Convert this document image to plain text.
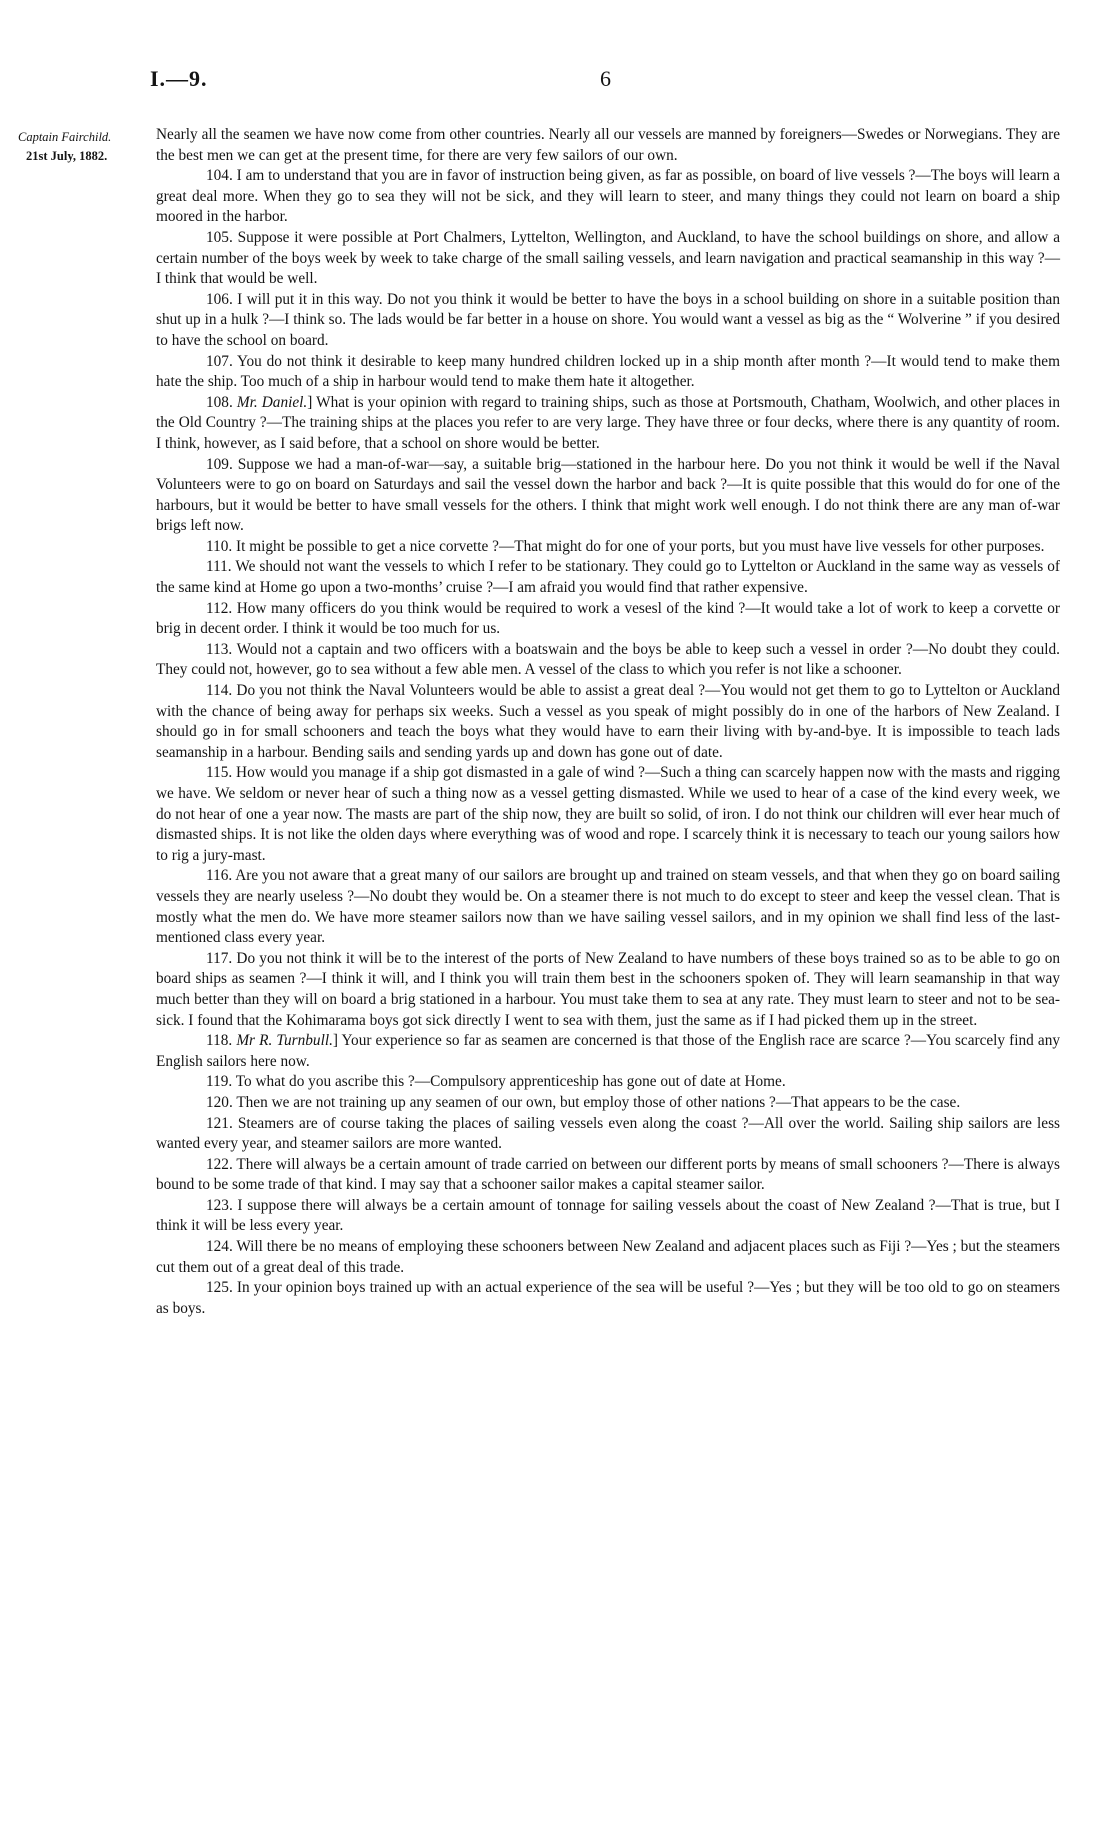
I.—9.	6
Captain Fairchild.
21st July, 1882.

Nearly all the seamen we have now come from other countries. Nearly all our vessels are manned by foreigners—Swedes or Norwegians. They are the best men we can get at the present time, for there are very few sailors of our own.

104. I am to understand that you are in favor of instruction being given, as far as possible, on board of live vessels ?—The boys will learn a great deal more. When they go to sea they will not be sick, and they will learn to steer, and many things they could not learn on board a ship moored in the harbor.

105. Suppose it were possible at Port Chalmers, Lyttelton, Wellington, and Auckland, to have the school buildings on shore, and allow a certain number of the boys week by week to take charge of the small sailing vessels, and learn navigation and practical seamanship in this way ?—I think that would be well.

106. I will put it in this way. Do not you think it would be better to have the boys in a school building on shore in a suitable position than shut up in a hulk ?—I think so. The lads would be far better in a house on shore. You would want a vessel as big as the “ Wolverine ” if you desired to have the school on board.

107. You do not think it desirable to keep many hundred children locked up in a ship month after month ?—It would tend to make them hate the ship. Too much of a ship in harbour would tend to make them hate it altogether.

108. Mr. Daniel.] What is your opinion with regard to training ships, such as those at Portsmouth, Chatham, Woolwich, and other places in the Old Country ?—The training ships at the places you refer to are very large. They have three or four decks, where there is any quantity of room. I think, however, as I said before, that a school on shore would be better.

109. Suppose we had a man-of-war—say, a suitable brig—stationed in the harbour here. Do you not think it would be well if the Naval Volunteers were to go on board on Saturdays and sail the vessel down the harbor and back ?—It is quite possible that this would do for one of the harbours, but it would be better to have small vessels for the others. I think that might work well enough. I do not think there are any man of-war brigs left now.

110. It might be possible to get a nice corvette ?—That might do for one of your ports, but you must have live vessels for other purposes.

111. We should not want the vessels to which I refer to be stationary. They could go to Lyttelton or Auckland in the same way as vessels of the same kind at Home go upon a two-months’ cruise ?—I am afraid you would find that rather expensive.

112. How many officers do you think would be required to work a vesesl of the kind ?—It would take a lot of work to keep a corvette or brig in decent order. I think it would be too much for us.

113. Would not a captain and two officers with a boatswain and the boys be able to keep such a vessel in order ?—No doubt they could. They could not, however, go to sea without a few able men. A vessel of the class to which you refer is not like a schooner.

114. Do you not think the Naval Volunteers would be able to assist a great deal ?—You would not get them to go to Lyttelton or Auckland with the chance of being away for perhaps six weeks. Such a vessel as you speak of might possibly do in one of the harbors of New Zealand. I should go in for small schooners and teach the boys what they would have to earn their living with by-and-bye. It is impossible to teach lads seamanship in a harbour. Bending sails and sending yards up and down has gone out of date.

115. How would you manage if a ship got dismasted in a gale of wind ?—Such a thing can scarcely happen now with the masts and rigging we have. We seldom or never hear of such a thing now as a vessel getting dismasted. While we used to hear of a case of the kind every week, we do not hear of one a year now. The masts are part of the ship now, they are built so solid, of iron. I do not think our children will ever hear much of dismasted ships. It is not like the olden days where everything was of wood and rope. I scarcely think it is necessary to teach our young sailors how to rig a jury-mast.

116. Are you not aware that a great many of our sailors are brought up and trained on steam vessels, and that when they go on board sailing vessels they are nearly useless ?—No doubt they would be. On a steamer there is not much to do except to steer and keep the vessel clean. That is mostly what the men do. We have more steamer sailors now than we have sailing vessel sailors, and in my opinion we shall find less of the last-mentioned class every year.

117. Do you not think it will be to the interest of the ports of New Zealand to have numbers of these boys trained so as to be able to go on board ships as seamen ?—I think it will, and I think you will train them best in the schooners spoken of. They will learn seamanship in that way much better than they will on board a brig stationed in a harbour. You must take them to sea at any rate. They must learn to steer and not to be sea-sick. I found that the Kohimarama boys got sick directly I went to sea with them, just the same as if I had picked them up in the street.

118. Mr R. Turnbull.] Your experience so far as seamen are concerned is that those of the English race are scarce ?—You scarcely find any English sailors here now.

119. To what do you ascribe this ?—Compulsory apprenticeship has gone out of date at Home.

120. Then we are not training up any seamen of our own, but employ those of other nations ?—That appears to be the case.

121. Steamers are of course taking the places of sailing vessels even along the coast ?—All over the world. Sailing ship sailors are less wanted every year, and steamer sailors are more wanted.

122. There will always be a certain amount of trade carried on between our different ports by means of small schooners ?—There is always bound to be some trade of that kind. I may say that a schooner sailor makes a capital steamer sailor.

123. I suppose there will always be a certain amount of tonnage for sailing vessels about the coast of New Zealand ?—That is true, but I think it will be less every year.

124. Will there be no means of employing these schooners between New Zealand and adjacent places such as Fiji ?—Yes ; but the steamers cut them out of a great deal of this trade.

125. In your opinion boys trained up with an actual experience of the sea will be useful ?—Yes ; but they will be too old to go on steamers as boys.
